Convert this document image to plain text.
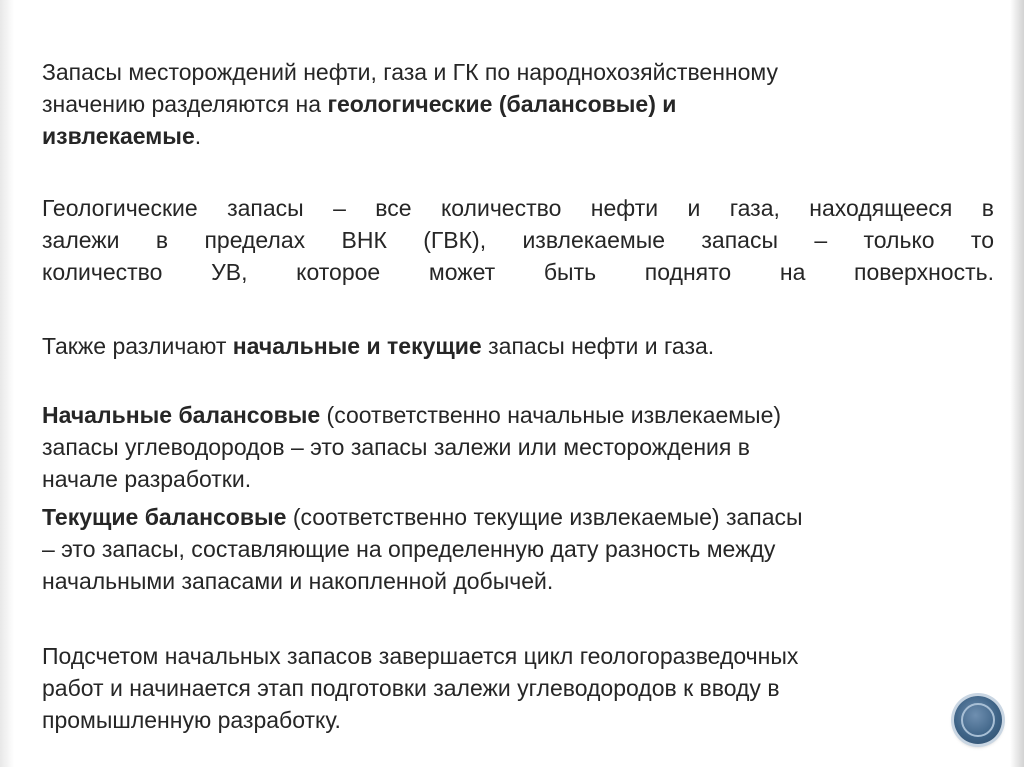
Запасы месторождений нефти, газа и ГК по народнохозяйственному
значению разделяются на геологические (балансовые) и
извлекаемые.
Геологические запасы – все количество нефти и газа, находящееся в
залежи в пределах ВНК (ГВК), извлекаемые запасы – только то
количество УВ, которое может быть поднято на поверхность.
Также различают начальные и текущие запасы нефти и газа.
Начальные балансовые (соответственно начальные извлекаемые)
запасы углеводородов – это запасы залежи или месторождения в
начале разработки.
Текущие балансовые (соответственно текущие извлекаемые) запасы
– это запасы, составляющие на определенную дату разность между
начальными запасами и накопленной добычей.
Подсчетом начальных запасов завершается цикл геологоразведочных
работ и начинается этап подготовки залежи углеводородов к вводу в
промышленную разработку.
